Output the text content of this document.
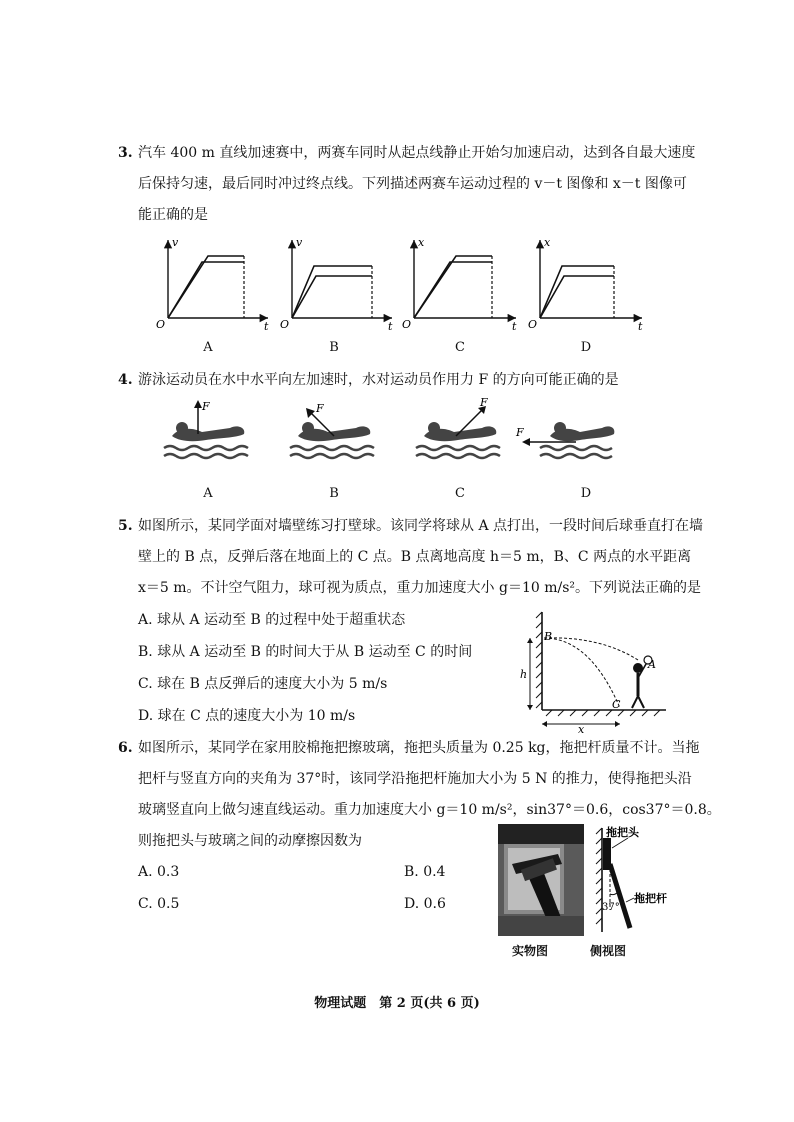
3. 汽车 400 m 直线加速赛中，两赛车同时从起点线静止开始匀加速启动，达到各自最大速度
后保持匀速，最后同时冲过终点线。下列描述两赛车运动过程的 v－t 图像和 x－t 图像可
能正确的是
v
t
O
v
t
O
x
t
O
x
t
O
A	B	C	D
4. 游泳运动员在水中水平向左加速时，水对运动员作用力 F 的方向可能正确的是
F	F	F
F
A	B	C	D
5. 如图所示，某同学面对墙壁练习打壁球。该同学将球从 A 点打出，一段时间后球垂直打在墙
壁上的 B 点，反弹后落在地面上的 C 点。B 点离地高度 h＝5 m，B、C 两点的水平距离
x＝5 m。不计空气阻力，球可视为质点，重力加速度大小 g＝10 m/s²。下列说法正确的是
A. 球从 A 运动至 B 的过程中处于超重状态
B. 球从 A 运动至 B 的时间大于从 B 运动至 C 的时间
C. 球在 B 点反弹后的速度大小为 5 m/s
D. 球在 C 点的速度大小为 10 m/s
B
A
C
h
x
6. 如图所示，某同学在家用胶棉拖把擦玻璃，拖把头质量为 0.25 kg，拖把杆质量不计。当拖
把杆与竖直方向的夹角为 37°时，该同学沿拖把杆施加大小为 5 N 的推力，使得拖把头沿
玻璃竖直向上做匀速直线运动。重力加速度大小 g＝10 m/s²，sin37°＝0.6，cos37°＝0.8。
则拖把头与玻璃之间的动摩擦因数为
A. 0.3	B. 0.4
C. 0.5	D. 0.6
拖把头
拖把杆
37°
实物图	侧视图
物理试题　第 2 页(共 6 页)
